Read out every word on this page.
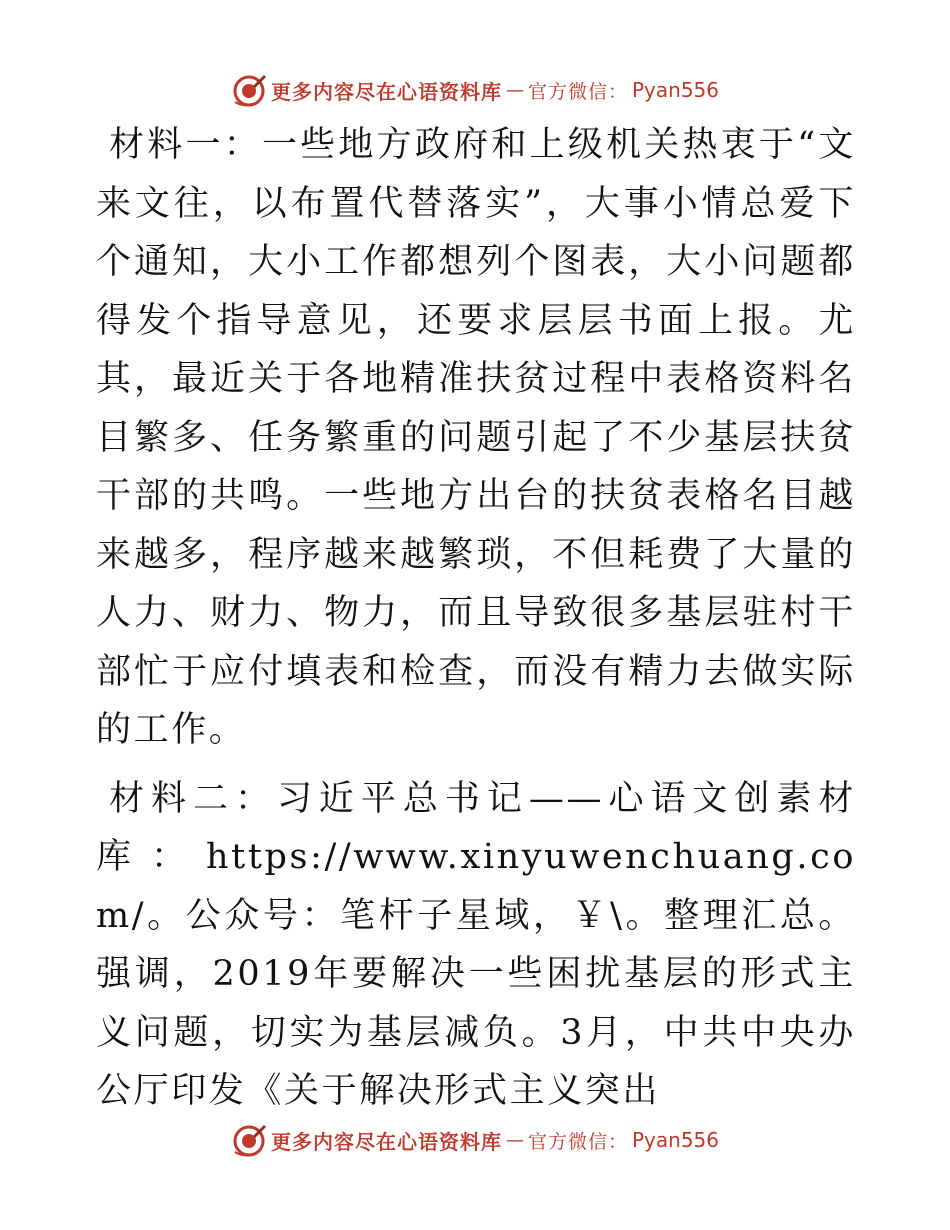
更多内容尽在心语资料库 — 官方微信： Pyan556

材料一：一些地方政府和上级机关热衷于“文来文往，以布置代替落实”，大事小情总爱下个通知，大小工作都想列个图表，大小问题都得发个指导意见，还要求层层书面上报。尤其，最近关于各地精准扶贫过程中表格资料名目繁多、任务繁重的问题引起了不少基层扶贫干部的共鸣。一些地方出台的扶贫表格名目越来越多，程序越来越繁琐，不但耗费了大量的人力、财力、物力，而且导致很多基层驻村干部忙于应付填表和检查，而没有精力去做实际的工作。

材料二：习近平总书记——心语文创素材库：https://www.xinyuwenchuang.com/。公众号：笔杆子星域，￥\。整理汇总。强调，2019年要解决一些困扰基层的形式主义问题，切实为基层减负。3月，中共中央办公厅印发《关于解决形式主义突出

更多内容尽在心语资料库 — 官方微信： Pyan556
